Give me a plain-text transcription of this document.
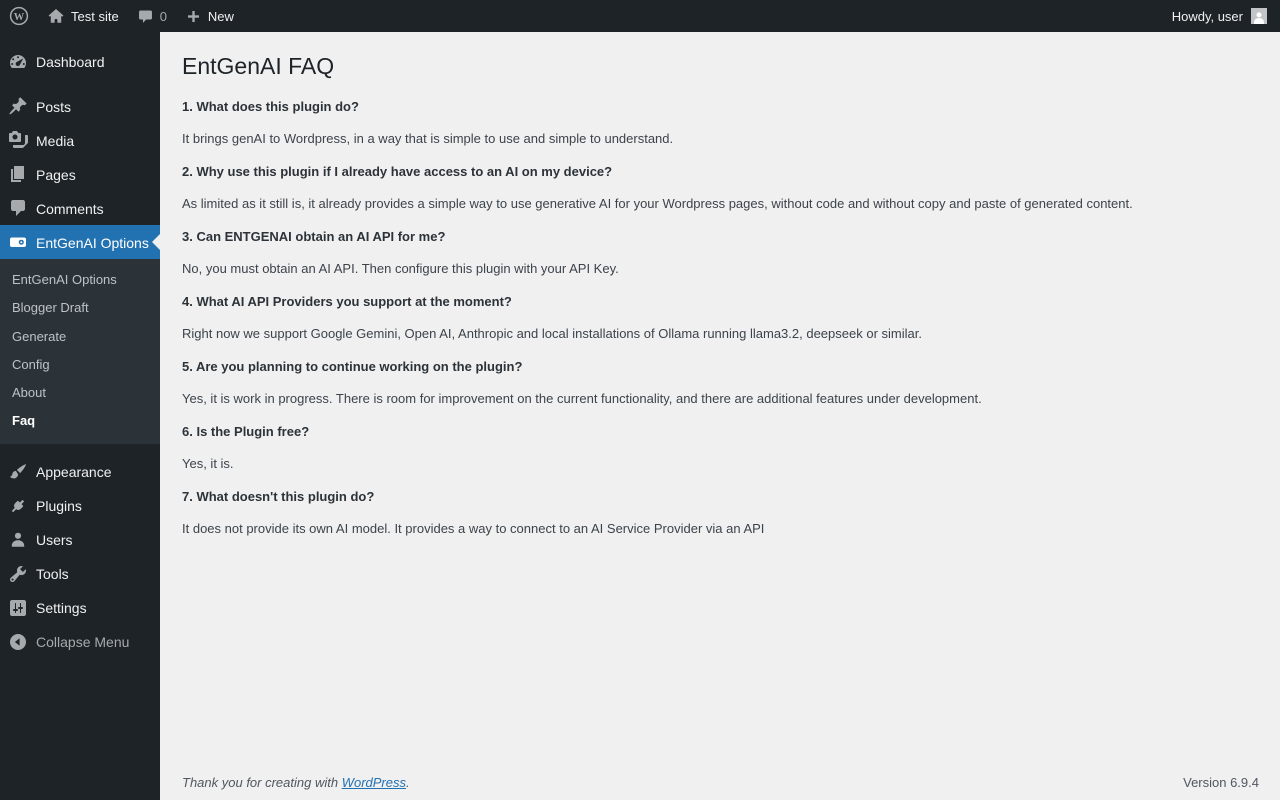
W	Test site	0	New	Howdy, user
Dashboard
Posts
Media
Pages
Comments
EntGenAI Options
EntGenAI Options
Blogger Draft
Generate
Config
About
Faq
Appearance
Plugins
Users
Tools
Settings
Collapse Menu
EntGenAI FAQ

1. What does this plugin do?

It brings genAI to Wordpress, in a way that is simple to use and simple to understand.

2. Why use this plugin if I already have access to an AI on my device?

As limited as it still is, it already provides a simple way to use generative AI for your Wordpress pages, without code and without copy and paste of generated content.

3. Can ENTGENAI obtain an AI API for me?

No, you must obtain an AI API. Then configure this plugin with your API Key.

4. What AI API Providers you support at the moment?

Right now we support Google Gemini, Open AI, Anthropic and local installations of Ollama running llama3.2, deepseek or similar.

5. Are you planning to continue working on the plugin?

Yes, it is work in progress. There is room for improvement on the current functionality, and there are additional features under development.

6. Is the Plugin free?

Yes, it is.

7. What doesn't this plugin do?

It does not provide its own AI model. It provides a way to connect to an AI Service Provider via an API

Thank you for creating with WordPress.	Version 6.9.4
